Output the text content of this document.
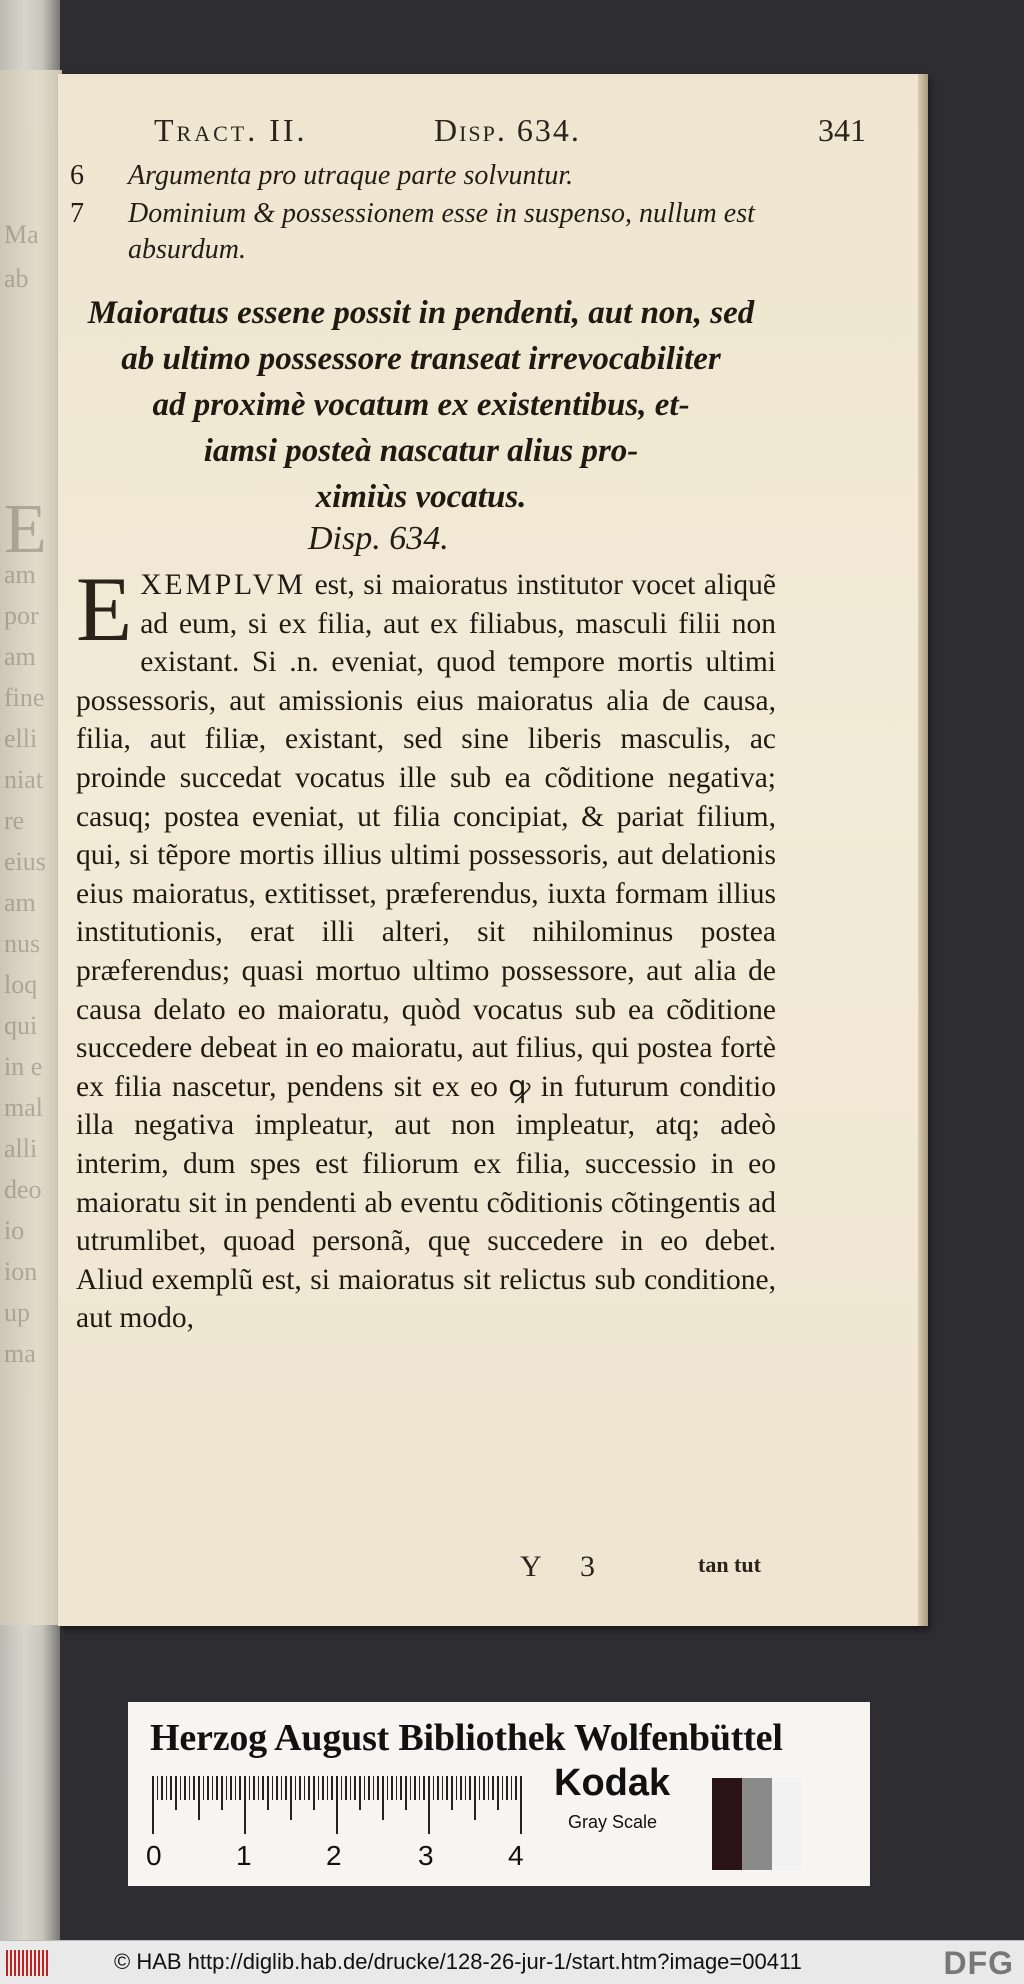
Ma
ab
E
am
por
am
fine
elli
niat
re
eius
am
nus
loq
qui
in e
mal
alli
deo
io
ion
up
ma
Tract. II.	Disp. 634.	341
6 Argumenta pro utraque parte solvuntur.
7 Dominium & possessionem esse in suspenso, nullum est absurdum.
Maioratus essene possit in pendenti, aut non, sed
ab ultimo possessore transeat irrevocabiliter
ad proximè vocatum ex existentibus, et-
iamsi posteà nascatur alius pro-
ximiùs vocatus.
Disp. 634.
EXEMPLVM est, si maioratus institutor vocet aliquẽ ad eum, si ex filia, aut ex filiabus, masculi filii non existant. Si .n. eveniat, quod tempore mortis ultimi possessoris, aut amissionis eius maioratus alia de causa, filia, aut filiæ, existant, sed sine liberis masculis, ac proinde succedat vocatus ille sub ea cõditione negativa; casuq; postea eveniat, ut filia concipiat, & pariat filium, qui, si tẽpore mortis illius ultimi possessoris, aut delationis eius maioratus, extitisset, præferendus, iuxta formam illius institutionis, erat illi alteri, sit nihilominus postea præferendus; quasi mortuo ultimo possessore, aut alia de causa delato eo maioratu, quòd vocatus sub ea cõditione succedere debeat in eo maioratu, aut filius, qui postea fortè ex filia nascetur, pendens sit ex eo ꝙ in futurum conditio illa negativa impleatur, aut non impleatur, atq; adeò interim, dum spes est filiorum ex filia, successio in eo maioratu sit in pendenti ab eventu cõditionis cõtingentis ad utrumlibet, quoad personã, quę succedere in eo debet. Aliud exemplũ est, si maioratus sit relictus sub conditione, aut modo,
Y 3	tan tut
Herzog August Bibliothek Wolfenbüttel
0	1	2	3	4
Kodak
Gray Scale
© HAB http://diglib.hab.de/drucke/128-26-jur-1/start.htm?image=00411	DFG
